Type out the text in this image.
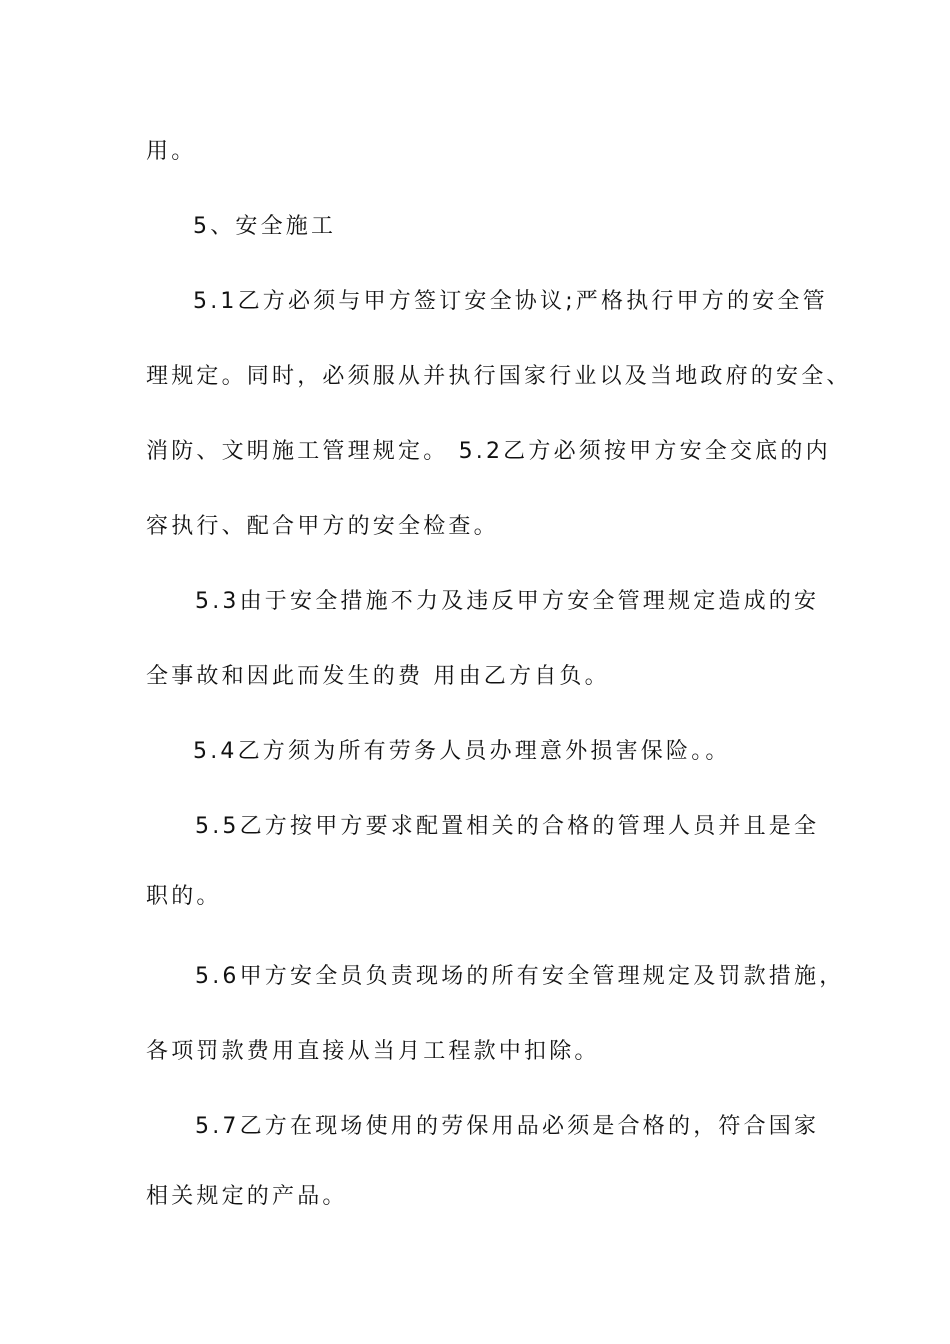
用。
5、安全施工
5.1乙方必须与甲方签订安全协议;严格执行甲方的安全管
理规定。同时，必须服从并执行国家行业以及当地政府的安全、
消防、文明施工管理规定。 5.2乙方必须按甲方安全交底的内
容执行、配合甲方的安全检查。
5.3由于安全措施不力及违反甲方安全管理规定造成的安
全事故和因此而发生的费 用由乙方自负。
5.4乙方须为所有劳务人员办理意外损害保险。。
5.5乙方按甲方要求配置相关的合格的管理人员并且是全
职的。
5.6甲方安全员负责现场的所有安全管理规定及罚款措施，
各项罚款费用直接从当月工程款中扣除。
5.7乙方在现场使用的劳保用品必须是合格的，符合国家
相关规定的产品。
